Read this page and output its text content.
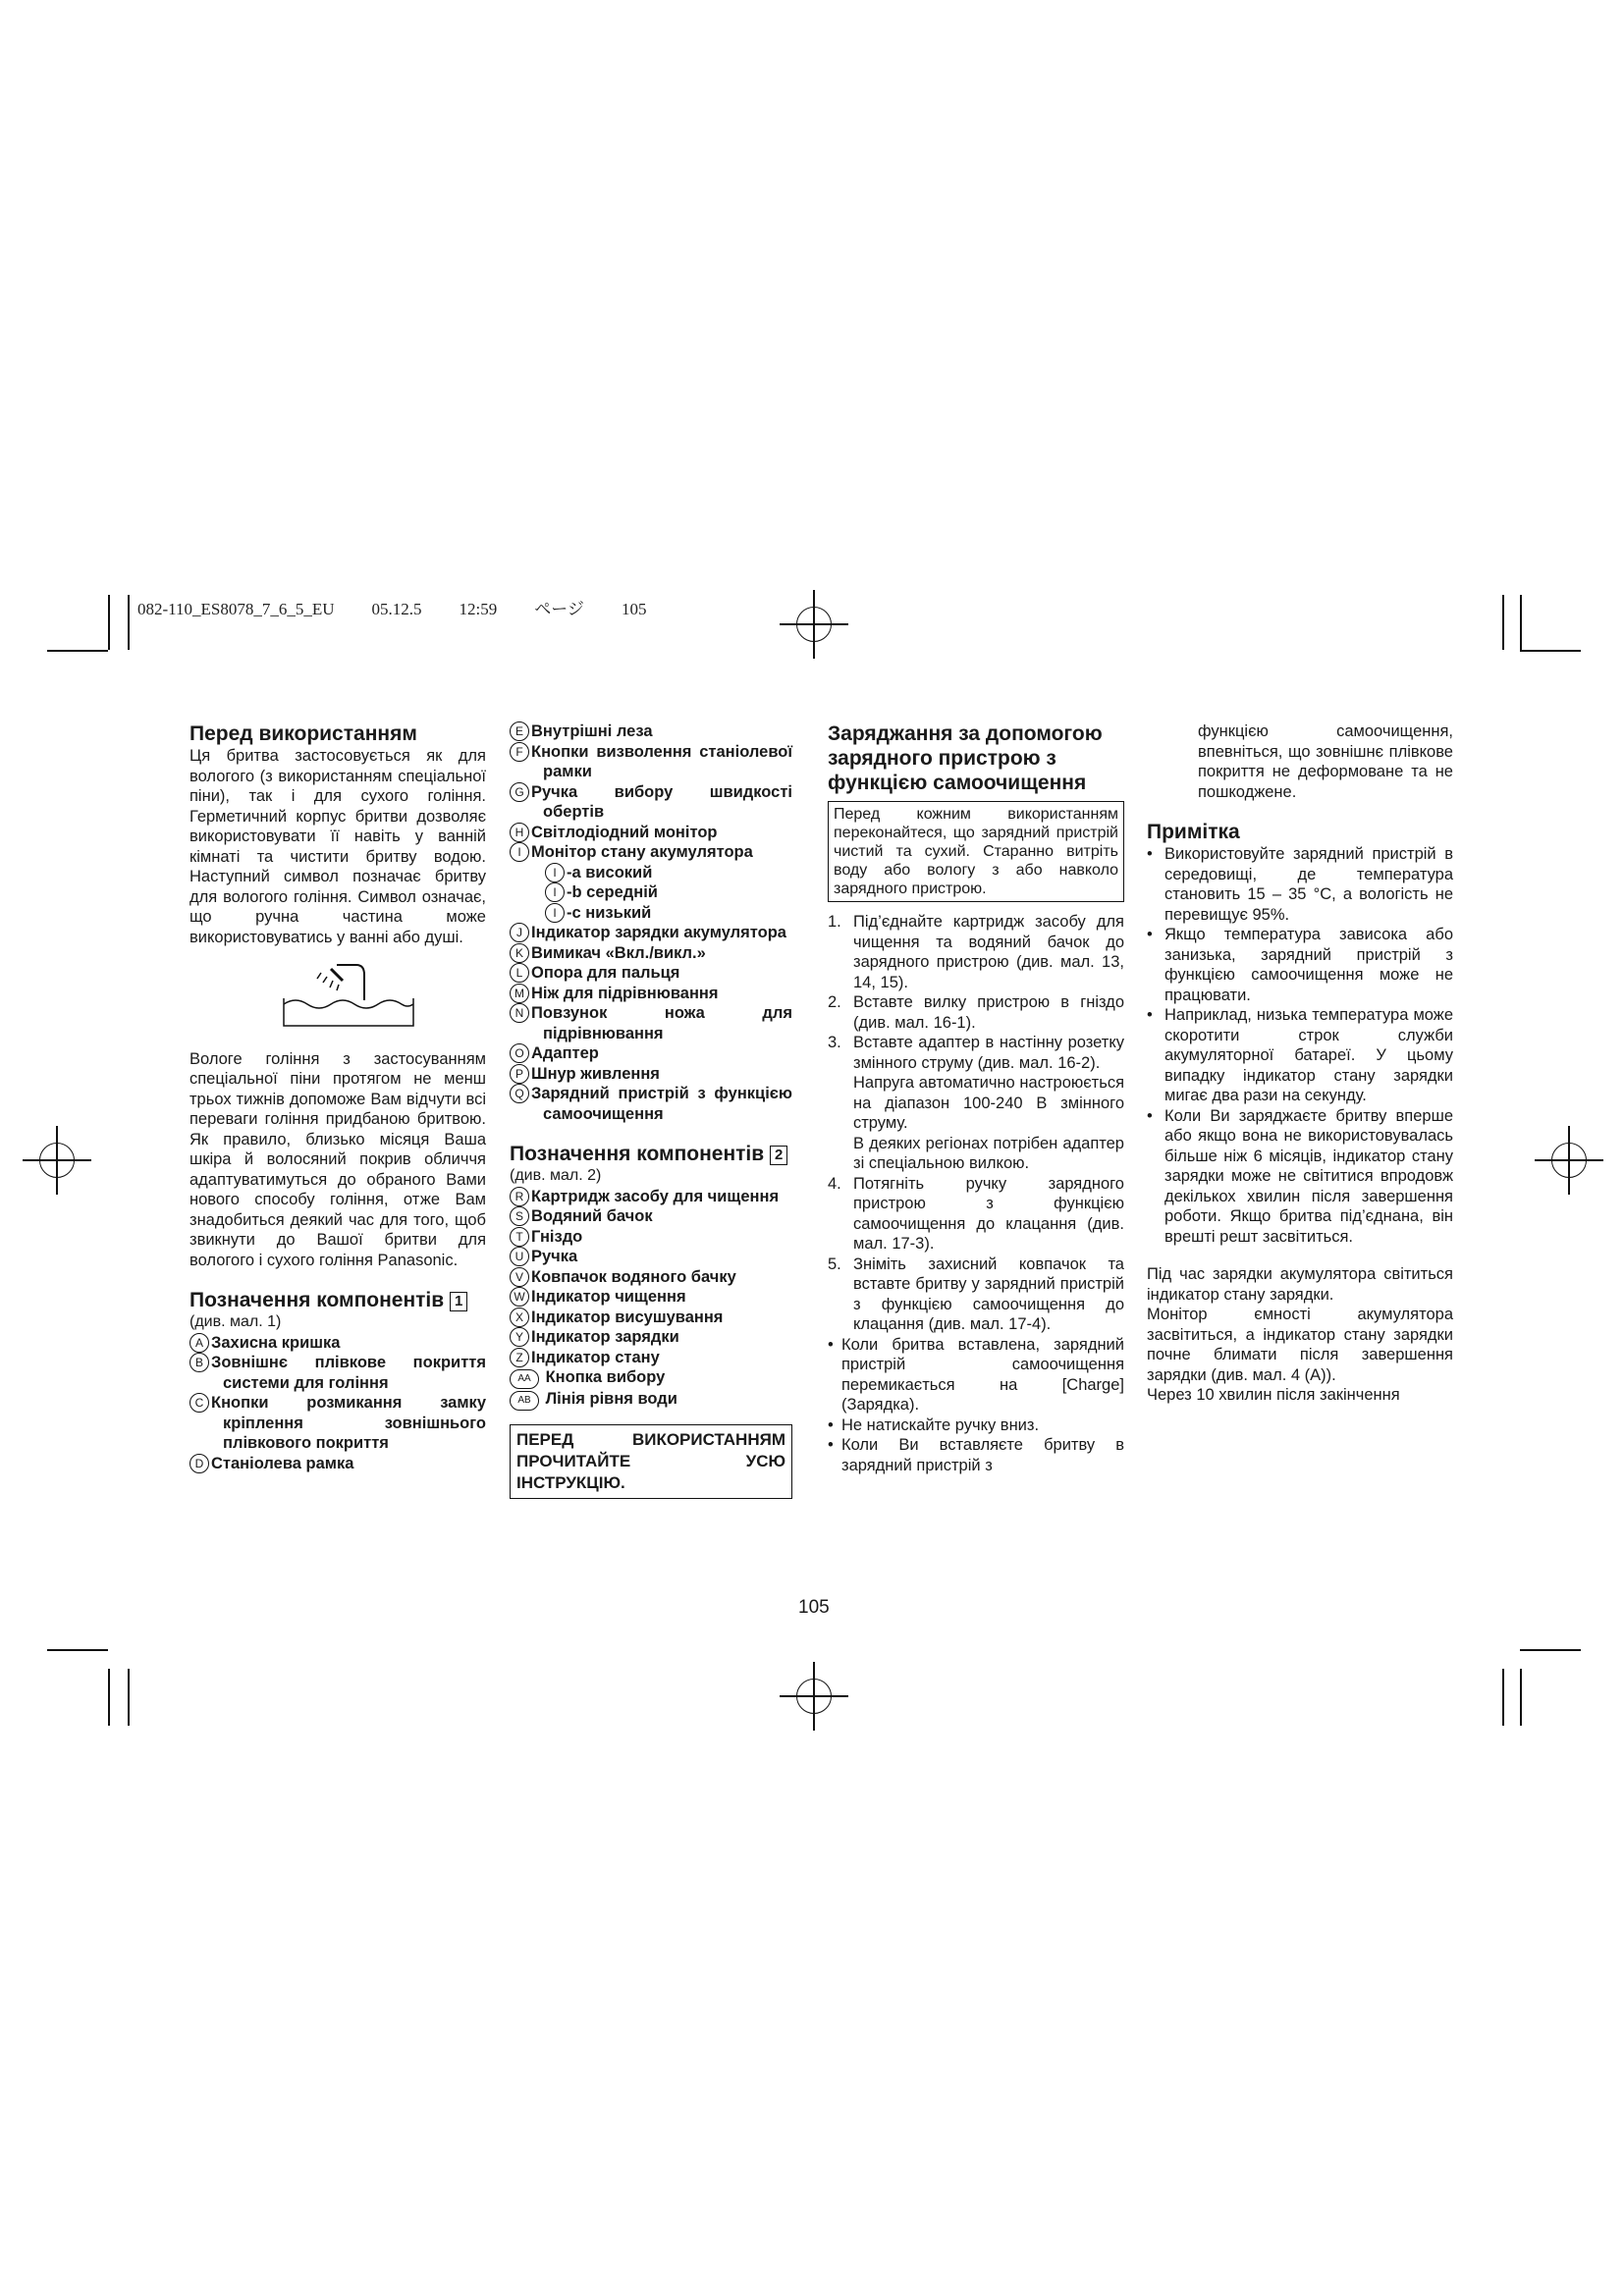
082-110_ES8078_7_6_5_EU 05.12.5 12:59 ページ 105
Перед використанням

Ця бритва застосовується як для вологого (з використанням спеціальної піни), так і для сухого гоління. Герметичний корпус бритви дозволяє використовувати її навіть у ванній кімнаті та чистити бритву водою. Наступний символ позначає бритву для вологого гоління. Символ означає, що ручна частина може використовуватись у ванні або душі.

Вологе гоління з застосуванням спеціальної піни протягом не менш трьох тижнів допоможе Вам відчути всі переваги гоління придбаною бритвою. Як правило, близько місяця Ваша шкіра й волосяний покрив обличчя адаптуватимуться до обраного Вами нового способу гоління, отже Вам знадобиться деякий час для того, щоб звикнути до Вашої бритви для вологого і сухого гоління Panasonic.

Позначення компонентів 1

(див. мал. 1)

A Захисна кришка

B Зовнішнє плівкове покриття системи для гоління

C Кнопки розмикання замку кріплення зовнішнього плівкового покриття

D Станіолева рамка

E Внутрішні леза

F Кнопки визволення станіолевої рамки

G Ручка вибору швидкості обертів

H Світлодіодний монітор

I Монітор стану акумулятора

I -a високий

I -b середній

I -c низький

J Індикатор зарядки акумулятора

K Вимикач «Вкл./викл.»

L Опора для пальця

M Ніж для підрівнювання

N Повзунок ножа для підрівнювання

O Адаптер

P Шнур живлення

Q Зарядний пристрій з функцією самоочищення

Позначення компонентів 2

(див. мал. 2)

R Картридж засобу для чищення

S Водяний бачок

T Гніздо

U Ручка

V Ковпачок водяного бачку

W Індикатор чищення

X Індикатор висушування

Y Індикатор зарядки

Z Індикатор стану

AA Кнопка вибору

AB Лінія рівня води

ПЕРЕД ВИКОРИСТАННЯМ ПРОЧИТАЙТЕ УСЮ ІНСТРУКЦІЮ.

Заряджання за допомогою зарядного пристрою з функцією самоочищення

Перед кожним використанням переконайтеся, що зарядний пристрій чистий та сухий. Старанно витріть воду або вологу з або навколо зарядного пристрою.

1. Під’єднайте картридж засобу для чищення та водяний бачок до зарядного пристрою (див. мал. 13, 14, 15).
2. Вставте вилку пристрою в гніздо (див. мал. 16-1).
3. Вставте адаптер в настінну розетку змінного струму (див. мал. 16-2).
Напруга автоматично настроюється на діапазон 100-240 В змінного струму.
В деяких регіонах потрібен адаптер зі спеціальною вилкою.
4. Потягніть ручку зарядного пристрою з функцією самоочищення до клацання (див. мал. 17-3).
5. Зніміть захисний ковпачок та вставте бритву у зарядний пристрій з функцією самоочищення до клацання (див. мал. 17-4).
• Коли бритва вставлена, зарядний пристрій самоочищення перемикається на [Charge] (Зарядка).
• Не натискайте ручку вниз.
• Коли Ви вставляєте бритву в зарядний пристрій з

функцією самоочищення, впевніться, що зовнішнє плівкове покриття не деформоване та не пошкоджене.

Примітка
• Використовуйте зарядний пристрій в середовищі, де температура становить 15 – 35 °C, а вологість не перевищує 95%.
• Якщо температура зависока або занизька, зарядний пристрій з функцією самоочищення може не працювати.
• Наприклад, низька температура може скоротити строк служби акумуляторної батареї. У цьому випадку індикатор стану зарядки мигає два рази на секунду.
• Коли Ви заряджаєте бритву вперше або якщо вона не використовувалась більше ніж 6 місяців, індикатор стану зарядки може не світитися впродовж декількох хвилин після завершення роботи. Якщо бритва під’єднана, він врешті решт засвітиться.

Під час зарядки акумулятора світиться індикатор стану зарядки.

Монітор ємності акумулятора засвітиться, а індикатор стану зарядки почне блимати після завершення зарядки (див. мал. 4 (A)).

Через 10 хвилин після закінчення

105
